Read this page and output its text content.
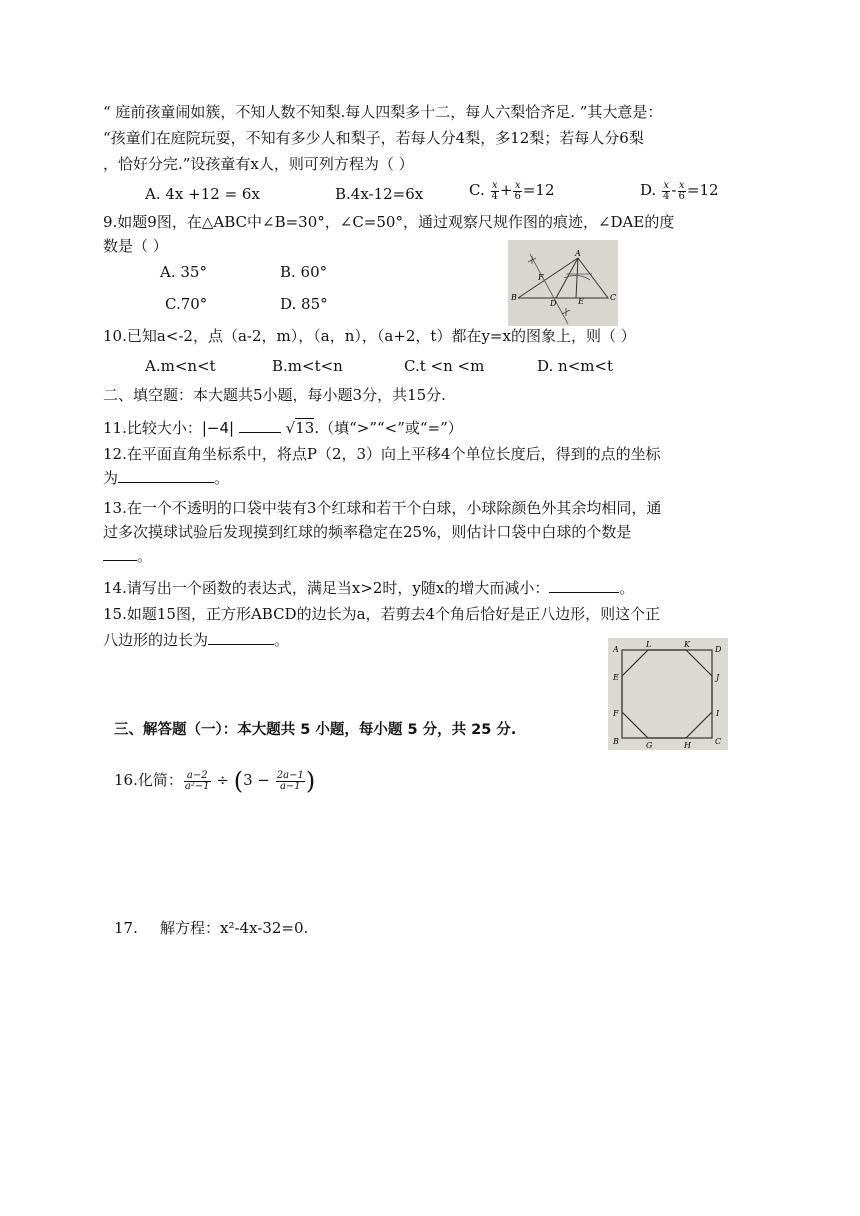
“ 庭前孩童闹如簇，不知人数不知梨.每人四梨多十二，每人六梨恰齐足. ”其大意是：
“孩童们在庭院玩耍，不知有多少人和梨子，若每人分4梨，多12梨；若每人分6梨
，恰好分完.”设孩童有x人，则可列方程为（ ）
A. 4x +12 = 6x	B.4x-12=6x	C. $\frac{x}{4} + \frac{x}{6} =12$	D. $\frac{x}{4} - \frac{x}{6} =12$
9.如题9图，在△ABC中∠B=30°，∠C=50°，通过观察尺规作图的痕迹，∠DAE的度
数是（ ）
A. 35°	B. 60°
C.70°	D. 85°
A
B	C
D	E
F
10.已知a<-2，点（a-2，m），（a，n），（a+2，t）都在y=x的图象上，则（ ）
A.m<n<t	B.m<t<n	C.t <n <m	D. n<m<t
二、填空题：本大题共5小题，每小题3分，共15分.
11.比较大小：|−4|	√13.（填“>”“<”或“=”）
12.在平面直角坐标系中，将点P（2，3）向上平移4个单位长度后，得到的点的坐标
为	。
13.在一个不透明的口袋中装有3个红球和若干个白球，小球除颜色外其余均相同，通
过多次摸球试验后发现摸到红球的频率稳定在25%，则估计口袋中白球的个数是
。
14.请写出一个函数的表达式，满足当x>2时，y随x的增大而减小：	。
15.如题15图，正方形ABCD的边长为a，若剪去4个角后恰好是正八边形，则这个正
八边形的边长为	。
A
B	C
D
E
F
G	H
I
J
K
L
三、解答题（一）：本大题共 5 小题，每小题 5 分，共 25 分.
16.化简： $\frac{a-2}{\text{a²−1}} \div (3 - \frac{2a-1}{a-1}$ )
17. 解方程：x²-4x-32=0.
